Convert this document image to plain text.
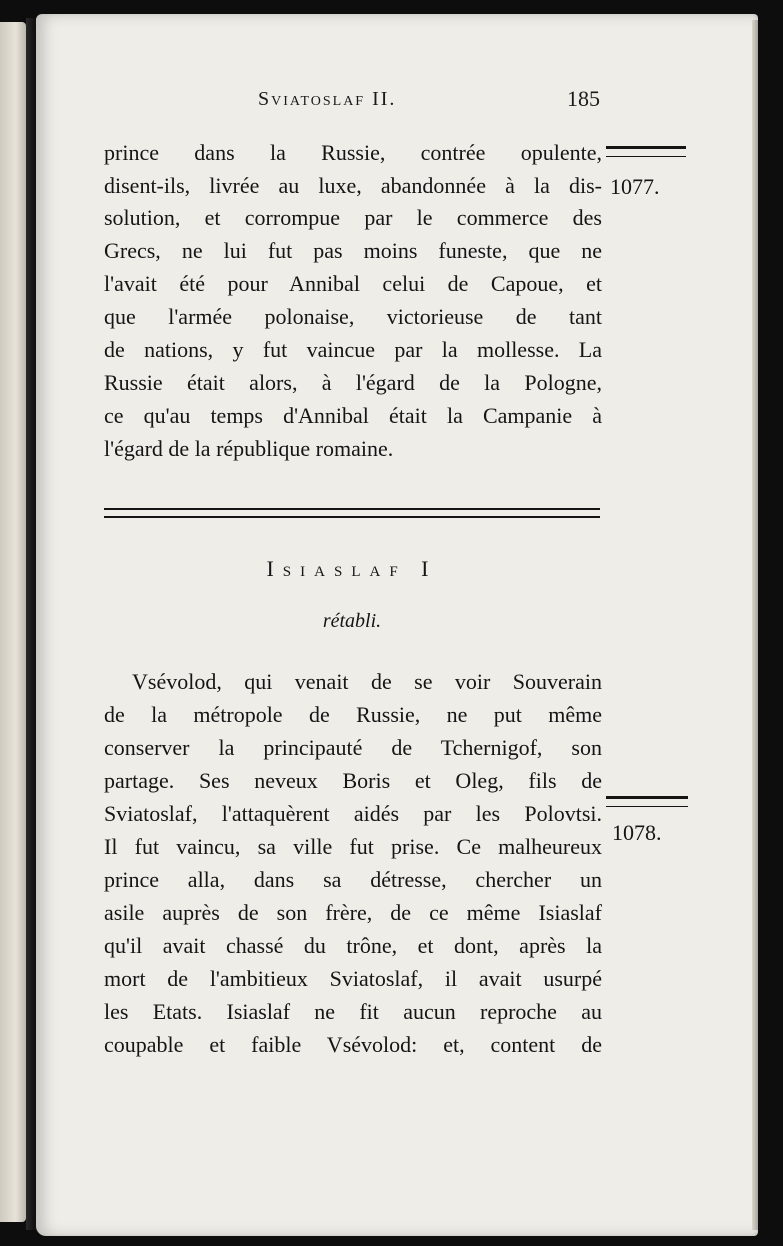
Sviatoslaf II.	185
prince dans la Russie, contrée opulente,
disent-ils, livrée au luxe, abandonnée à la dis-
solution, et corrompue par le commerce des
Grecs, ne lui fut pas moins funeste, que ne
l'avait été pour Annibal celui de Capoue, et
que l'armée polonaise, victorieuse de tant
de nations, y fut vaincue par la mollesse. La
Russie était alors, à l'égard de la Pologne,
ce qu'au temps d'Annibal était la Campanie à
l'égard de la république romaine.
1077.
1078.
Isiaslaf I
rétabli.
Vsévolod, qui venait de se voir Souverain
de la métropole de Russie, ne put même
conserver la principauté de Tchernigof, son
partage. Ses neveux Boris et Oleg, fils de
Sviatoslaf, l'attaquèrent aidés par les Polovtsi.
Il fut vaincu, sa ville fut prise. Ce malheureux
prince alla, dans sa détresse, chercher un
asile auprès de son frère, de ce même Isiaslaf
qu'il avait chassé du trône, et dont, après la
mort de l'ambitieux Sviatoslaf, il avait usurpé
les Etats. Isiaslaf ne fit aucun reproche au
coupable et faible Vsévolod: et, content de
